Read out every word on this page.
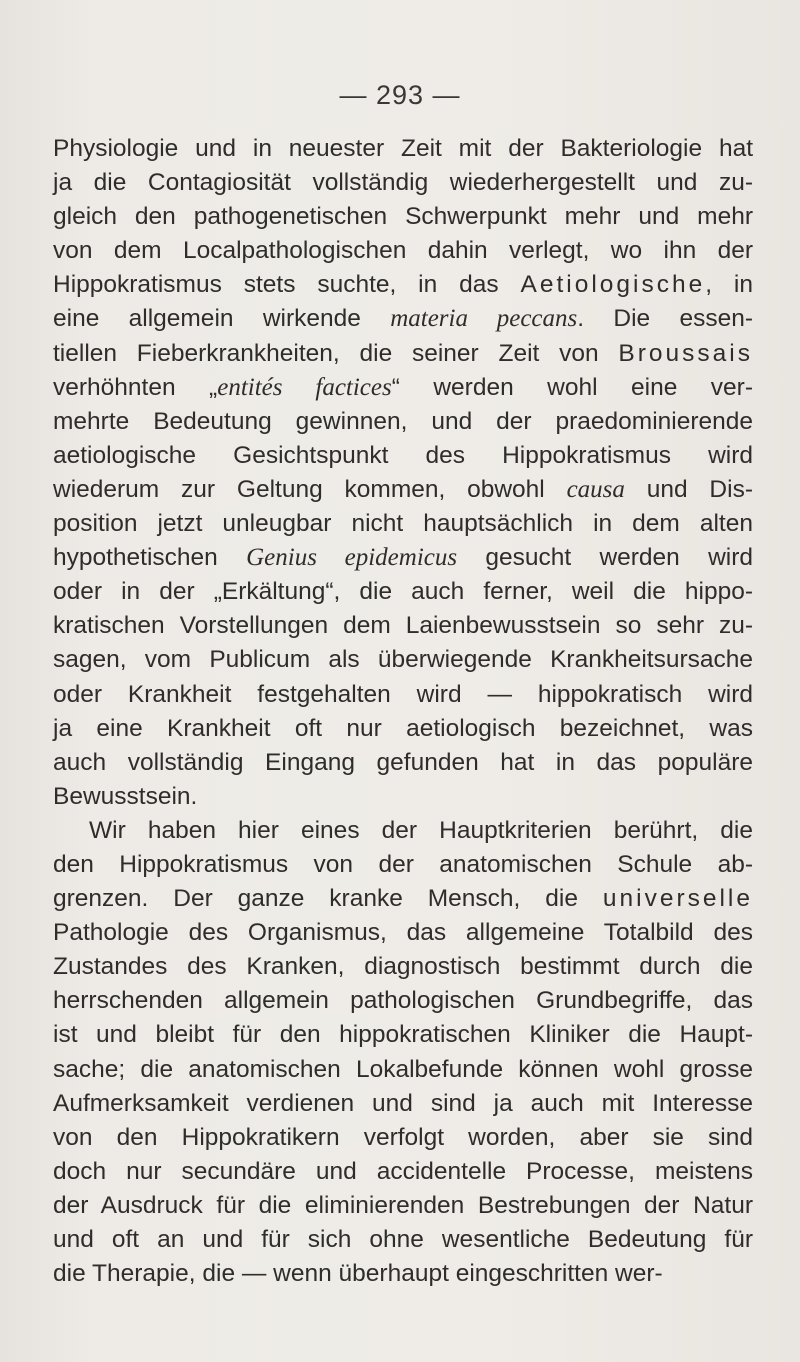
— 293 —
Physiologie und in neuester Zeit mit der Bakteriologie hat
ja die Contagiosität vollständig wiederhergestellt und zu-
gleich den pathogenetischen Schwerpunkt mehr und mehr
von dem Localpathologischen dahin verlegt, wo ihn der
Hippokratismus stets suchte, in das Aetiologische, in
eine allgemein wirkende materia peccans. Die essen-
tiellen Fieberkrankheiten, die seiner Zeit von Broussais
verhöhnten „entités factices“ werden wohl eine ver-
mehrte Bedeutung gewinnen, und der praedominierende
aetiologische Gesichtspunkt des Hippokratismus wird
wiederum zur Geltung kommen, obwohl causa und Dis-
position jetzt unleugbar nicht hauptsächlich in dem alten
hypothetischen Genius epidemicus gesucht werden wird
oder in der „Erkältung“, die auch ferner, weil die hippo-
kratischen Vorstellungen dem Laienbewusstsein so sehr zu-
sagen, vom Publicum als überwiegende Krankheitsursache
oder Krankheit festgehalten wird — hippokratisch wird
ja eine Krankheit oft nur aetiologisch bezeichnet, was
auch vollständig Eingang gefunden hat in das populäre
Bewusstsein.
Wir haben hier eines der Hauptkriterien berührt, die
den Hippokratismus von der anatomischen Schule ab-
grenzen. Der ganze kranke Mensch, die universelle
Pathologie des Organismus, das allgemeine Totalbild des
Zustandes des Kranken, diagnostisch bestimmt durch die
herrschenden allgemein pathologischen Grundbegriffe, das
ist und bleibt für den hippokratischen Kliniker die Haupt-
sache; die anatomischen Lokalbefunde können wohl grosse
Aufmerksamkeit verdienen und sind ja auch mit Interesse
von den Hippokratikern verfolgt worden, aber sie sind
doch nur secundäre und accidentelle Processe, meistens
der Ausdruck für die eliminierenden Bestrebungen der Natur
und oft an und für sich ohne wesentliche Bedeutung für
die Therapie, die — wenn überhaupt eingeschritten wer-
